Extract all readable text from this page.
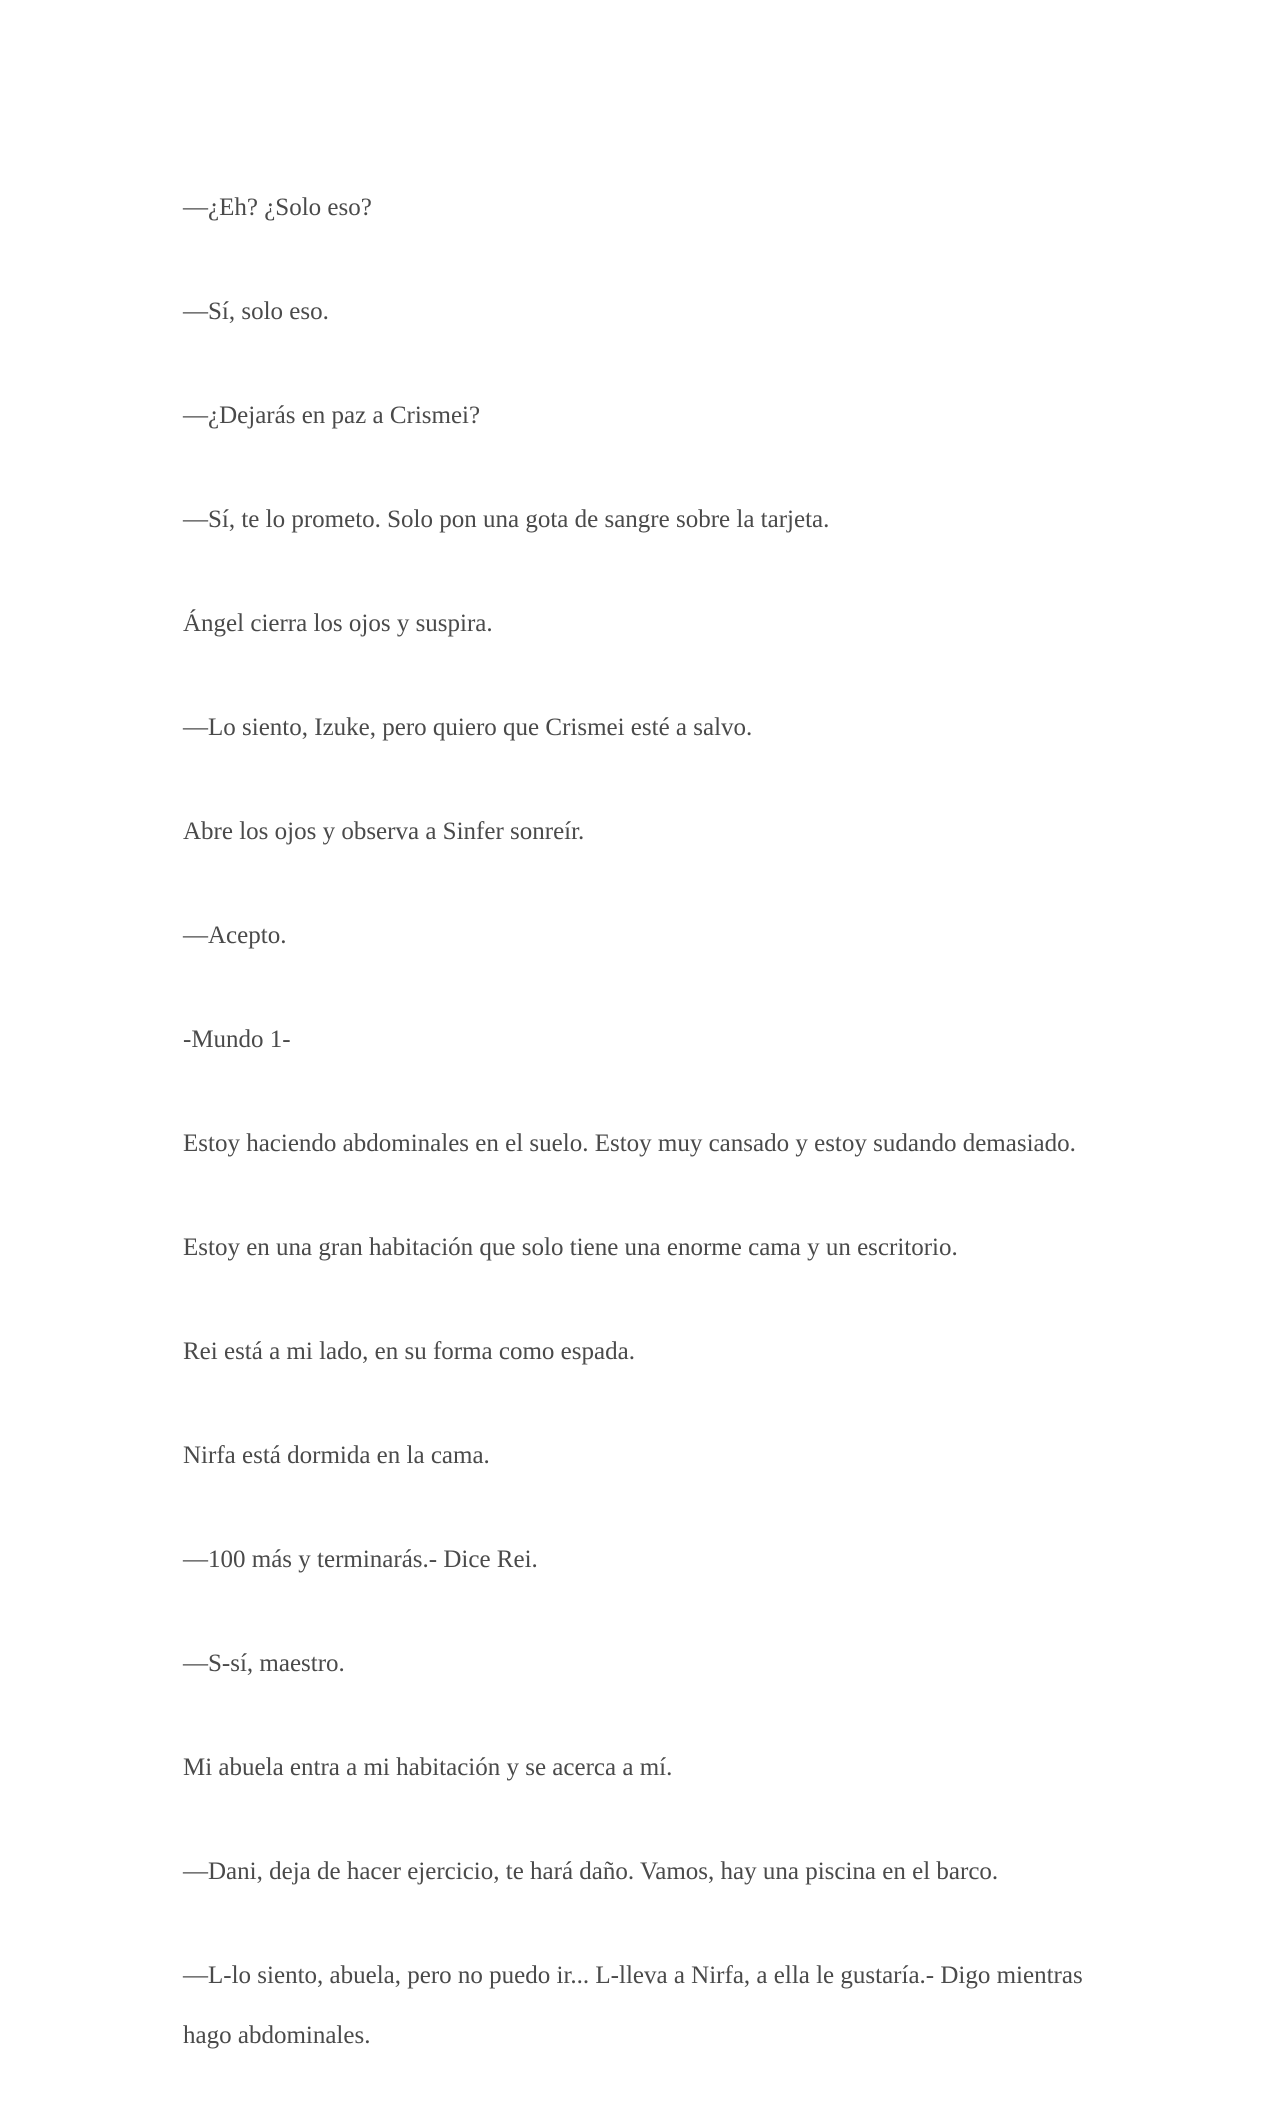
—¿Eh? ¿Solo eso?

—Sí, solo eso.

—¿Dejarás en paz a Crismei?

—Sí, te lo prometo. Solo pon una gota de sangre sobre la tarjeta.

Ángel cierra los ojos y suspira.

—Lo siento, Izuke, pero quiero que Crismei esté a salvo.

Abre los ojos y observa a Sinfer sonreír.

—Acepto.

-Mundo 1-

Estoy haciendo abdominales en el suelo. Estoy muy cansado y estoy sudando demasiado.

Estoy en una gran habitación que solo tiene una enorme cama y un escritorio.

Rei está a mi lado, en su forma como espada.

Nirfa está dormida en la cama.

—100 más y terminarás.- Dice Rei.

—S-sí, maestro.

Mi abuela entra a mi habitación y se acerca a mí.

—Dani, deja de hacer ejercicio, te hará daño. Vamos, hay una piscina en el barco.

—L-lo siento, abuela, pero no puedo ir... L-lleva a Nirfa, a ella le gustaría.- Digo mientras hago abdominales.
